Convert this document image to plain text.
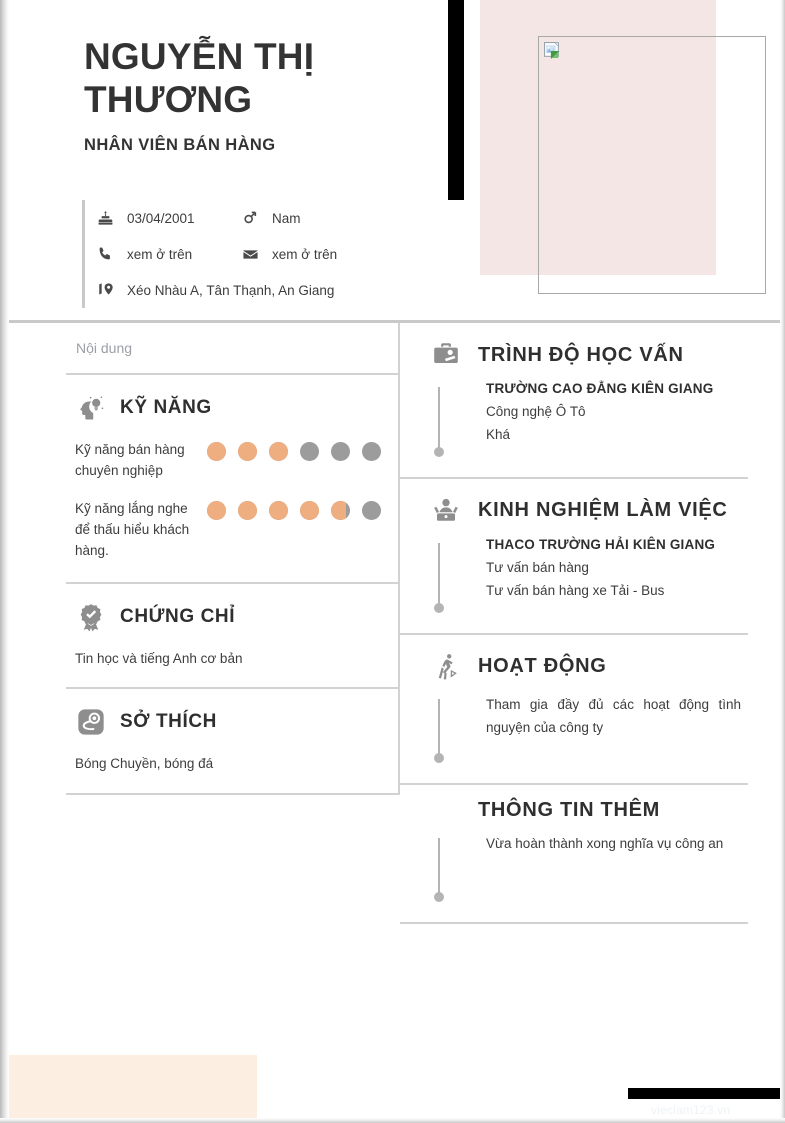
NGUYỄN THỊ THƯƠNG
NHÂN VIÊN BÁN HÀNG
03/04/2001	Nam
xem ở trên	xem ở trên
Xéo Nhàu A, Tân Thạnh, An Giang
Nội dung
KỸ NĂNG
Kỹ năng bán hàng chuyên nghiệp
Kỹ năng lắng nghe để thấu hiểu khách hàng.
CHỨNG CHỈ
Tin học và tiếng Anh cơ bản
SỞ THÍCH
Bóng Chuyền, bóng đá
TRÌNH ĐỘ HỌC VẤN
TRƯỜNG CAO ĐẲNG KIÊN GIANG
Công nghệ Ô Tô
Khá
KINH NGHIỆM LÀM VIỆC
THACO TRƯỜNG HẢI KIÊN GIANG
Tư vấn bán hàng
Tư vấn bán hàng xe Tải - Bus
HOẠT ĐỘNG
Tham gia đầy đủ các hoạt động tình nguyện của công ty
THÔNG TIN THÊM
Vừa hoàn thành xong nghĩa vụ công an
vieclam123.vn
